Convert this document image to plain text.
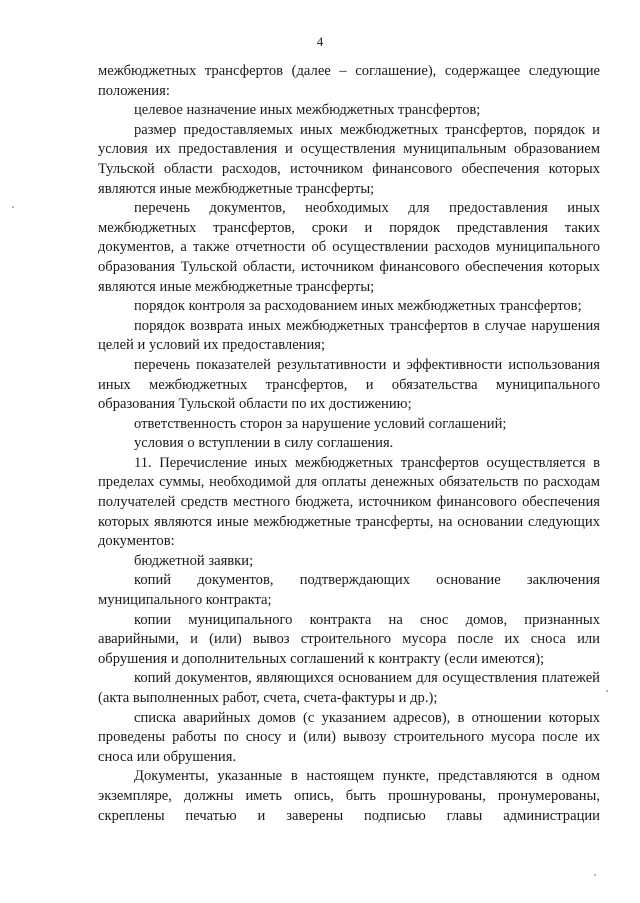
4

межбюджетных трансфертов (далее – соглашение), содержащее следующие положения:

целевое назначение иных межбюджетных трансфертов;

размер предоставляемых иных межбюджетных трансфертов, порядок и условия их предоставления и осуществления муниципальным образованием Тульской области расходов, источником финансового обеспечения которых являются иные межбюджетные трансферты;

перечень документов, необходимых для предоставления иных межбюджетных трансфертов, сроки и порядок представления таких документов, а также отчетности об осуществлении расходов муниципального образования Тульской области, источником финансового обеспечения которых являются иные межбюджетные трансферты;

порядок контроля за расходованием иных межбюджетных трансфертов;

порядок возврата иных межбюджетных трансфертов в случае нарушения целей и условий их предоставления;

перечень показателей результативности и эффективности использования иных межбюджетных трансфертов, и обязательства муниципального образования Тульской области по их достижению;

ответственность сторон за нарушение условий соглашений;

условия о вступлении в силу соглашения.

11. Перечисление иных межбюджетных трансфертов осуществляется в пределах суммы, необходимой для оплаты денежных обязательств по расходам получателей средств местного бюджета, источником финансового обеспечения которых являются иные межбюджетные трансферты, на основании следующих документов:

бюджетной заявки;

копий документов, подтверждающих основание заключения муниципального контракта;

копии муниципального контракта на снос домов, признанных аварийными, и (или) вывоз строительного мусора после их сноса или обрушения и дополнительных соглашений к контракту (если имеются);

копий документов, являющихся основанием для осуществления платежей (акта выполненных работ, счета, счета-фактуры и др.);

списка аварийных домов (с указанием адресов), в отношении которых проведены работы по сносу и (или) вывозу строительного мусора после их сноса или обрушения.

Документы, указанные в настоящем пункте, представляются в одном экземпляре, должны иметь опись, быть прошнурованы, пронумерованы, скреплены печатью и заверены подписью главы администрации
